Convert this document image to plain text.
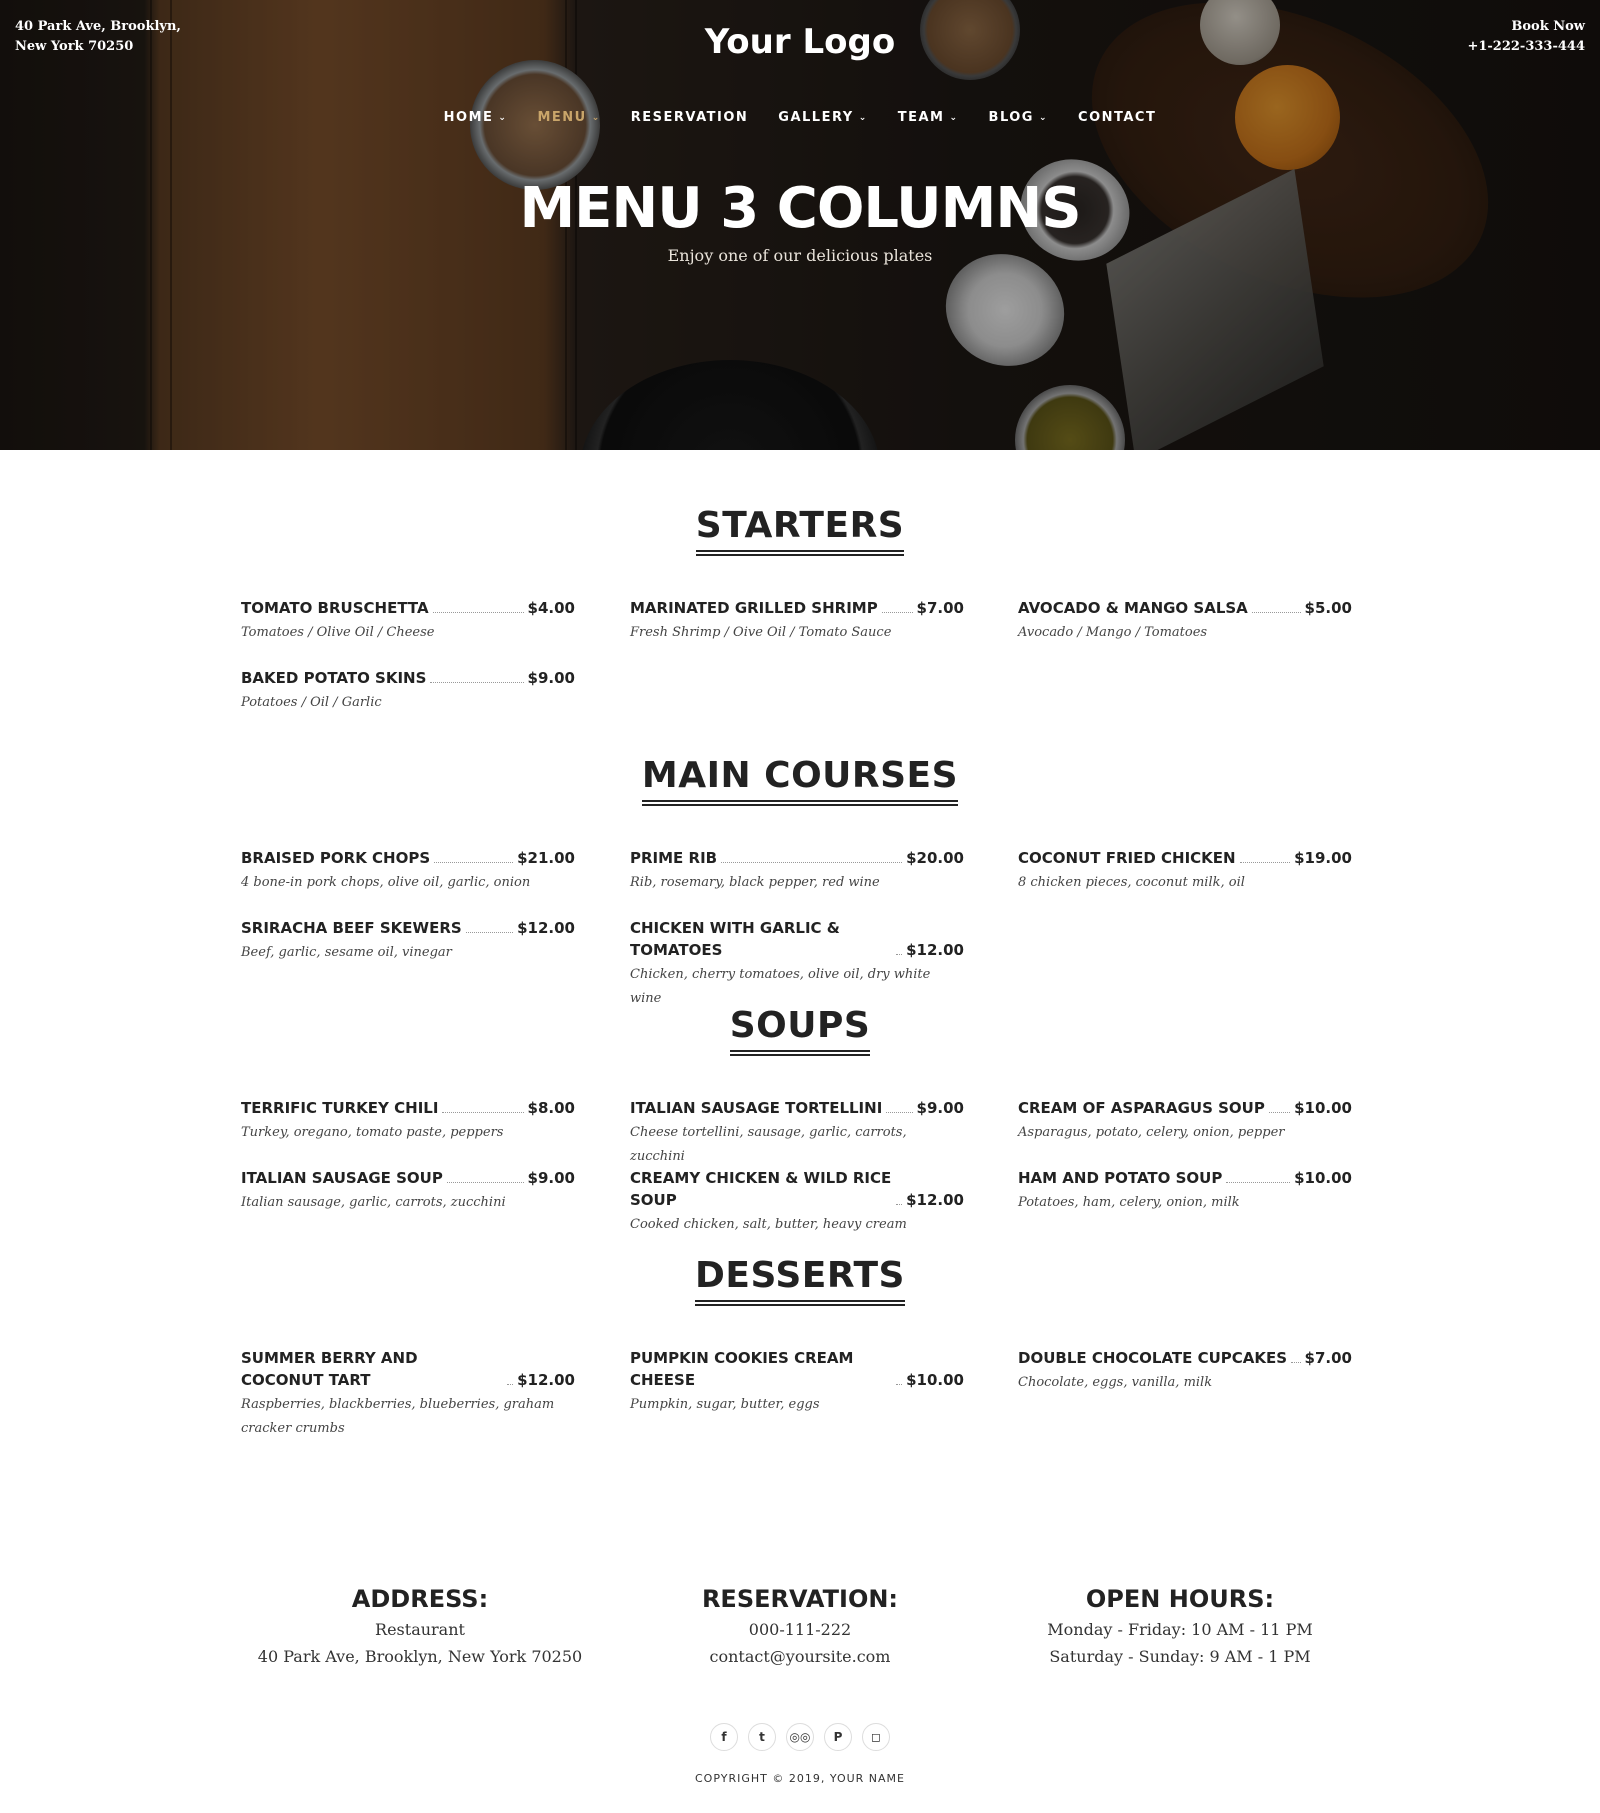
40 Park Ave, Brooklyn,
New York 70250
Book Now
+1-222-333-444
Your Logo
HOME ⌄ MENU ⌄ RESERVATION GALLERY ⌄ TEAM ⌄ BLOG ⌄ CONTACT
MENU 3 COLUMNS
Enjoy one of our delicious plates
STARTERS
TOMATO BRUSCHETTA	$4.00
Tomatoes / Olive Oil / Cheese
MARINATED GRILLED SHRIMP	$7.00
Fresh Shrimp / Oive Oil / Tomato Sauce
AVOCADO & MANGO SALSA	$5.00
Avocado / Mango / Tomatoes
BAKED POTATO SKINS	$9.00
Potatoes / Oil / Garlic
MAIN COURSES
BRAISED PORK CHOPS	$21.00
4 bone-in pork chops, olive oil, garlic, onion
PRIME RIB	$20.00
Rib, rosemary, black pepper, red wine
COCONUT FRIED CHICKEN	$19.00
8 chicken pieces, coconut milk, oil
SRIRACHA BEEF SKEWERS	$12.00
Beef, garlic, sesame oil, vinegar
CHICKEN WITH GARLIC & TOMATOES	$12.00
Chicken, cherry tomatoes, olive oil, dry white wine
SOUPS
TERRIFIC TURKEY CHILI	$8.00
Turkey, oregano, tomato paste, peppers
ITALIAN SAUSAGE TORTELLINI $9.00
Cheese tortellini, sausage, garlic, carrots, zucchini
CREAM OF ASPARAGUS SOUP $10.00
Asparagus, potato, celery, onion, pepper
ITALIAN SAUSAGE SOUP	$9.00
Italian sausage, garlic, carrots, zucchini
CREAMY CHICKEN & WILD RICE SOUP	$12.00
Cooked chicken, salt, butter, heavy cream
HAM AND POTATO SOUP	$10.00
Potatoes, ham, celery, onion, milk
DESSERTS
SUMMER BERRY AND COCONUT TART	$12.00
Raspberries, blackberries, blueberries, graham cracker crumbs
PUMPKIN COOKIES CREAM CHEESE	$10.00
Pumpkin, sugar, butter, eggs
DOUBLE CHOCOLATE CUPCAKES $7.00
Chocolate, eggs, vanilla, milk
ADDRESS:

Restaurant

40 Park Ave, Brooklyn, New York 70250

RESERVATION:

000-111-222

contact@yoursite.com

OPEN HOURS:

Monday - Friday: 10 AM - 11 PM

Saturday - Sunday: 9 AM - 1 PM

f	t ◎◎ P ◻
COPYRIGHT © 2019, YOUR NAME
